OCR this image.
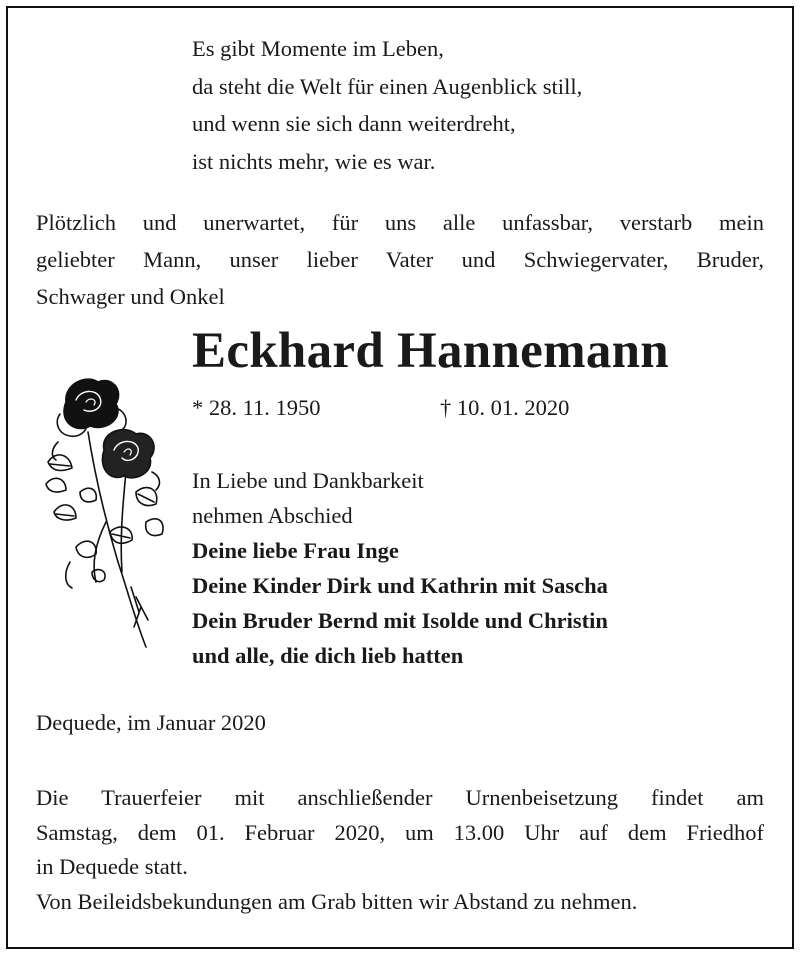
Es gibt Momente im Leben,
da steht die Welt für einen Augenblick still,
und wenn sie sich dann weiterdreht,
ist nichts mehr, wie es war.
Plötzlich und unerwartet, für uns alle unfassbar, verstarb mein
geliebter Mann, unser lieber Vater und Schwiegervater, Bruder,
Schwager und Onkel
Eckhard Hannemann
* 28. 11. 1950	† 10. 01. 2020
In Liebe und Dankbarkeit
nehmen Abschied
Deine liebe Frau Inge
Deine Kinder Dirk und Kathrin mit Sascha
Dein Bruder Bernd mit Isolde und Christin
und alle, die dich lieb hatten
Dequede, im Januar 2020
Die Trauerfeier mit anschließender Urnenbeisetzung findet am
Samstag, dem 01. Februar 2020, um 13.00 Uhr auf dem Friedhof
in Dequede statt.
Von Beileidsbekundungen am Grab bitten wir Abstand zu nehmen.
